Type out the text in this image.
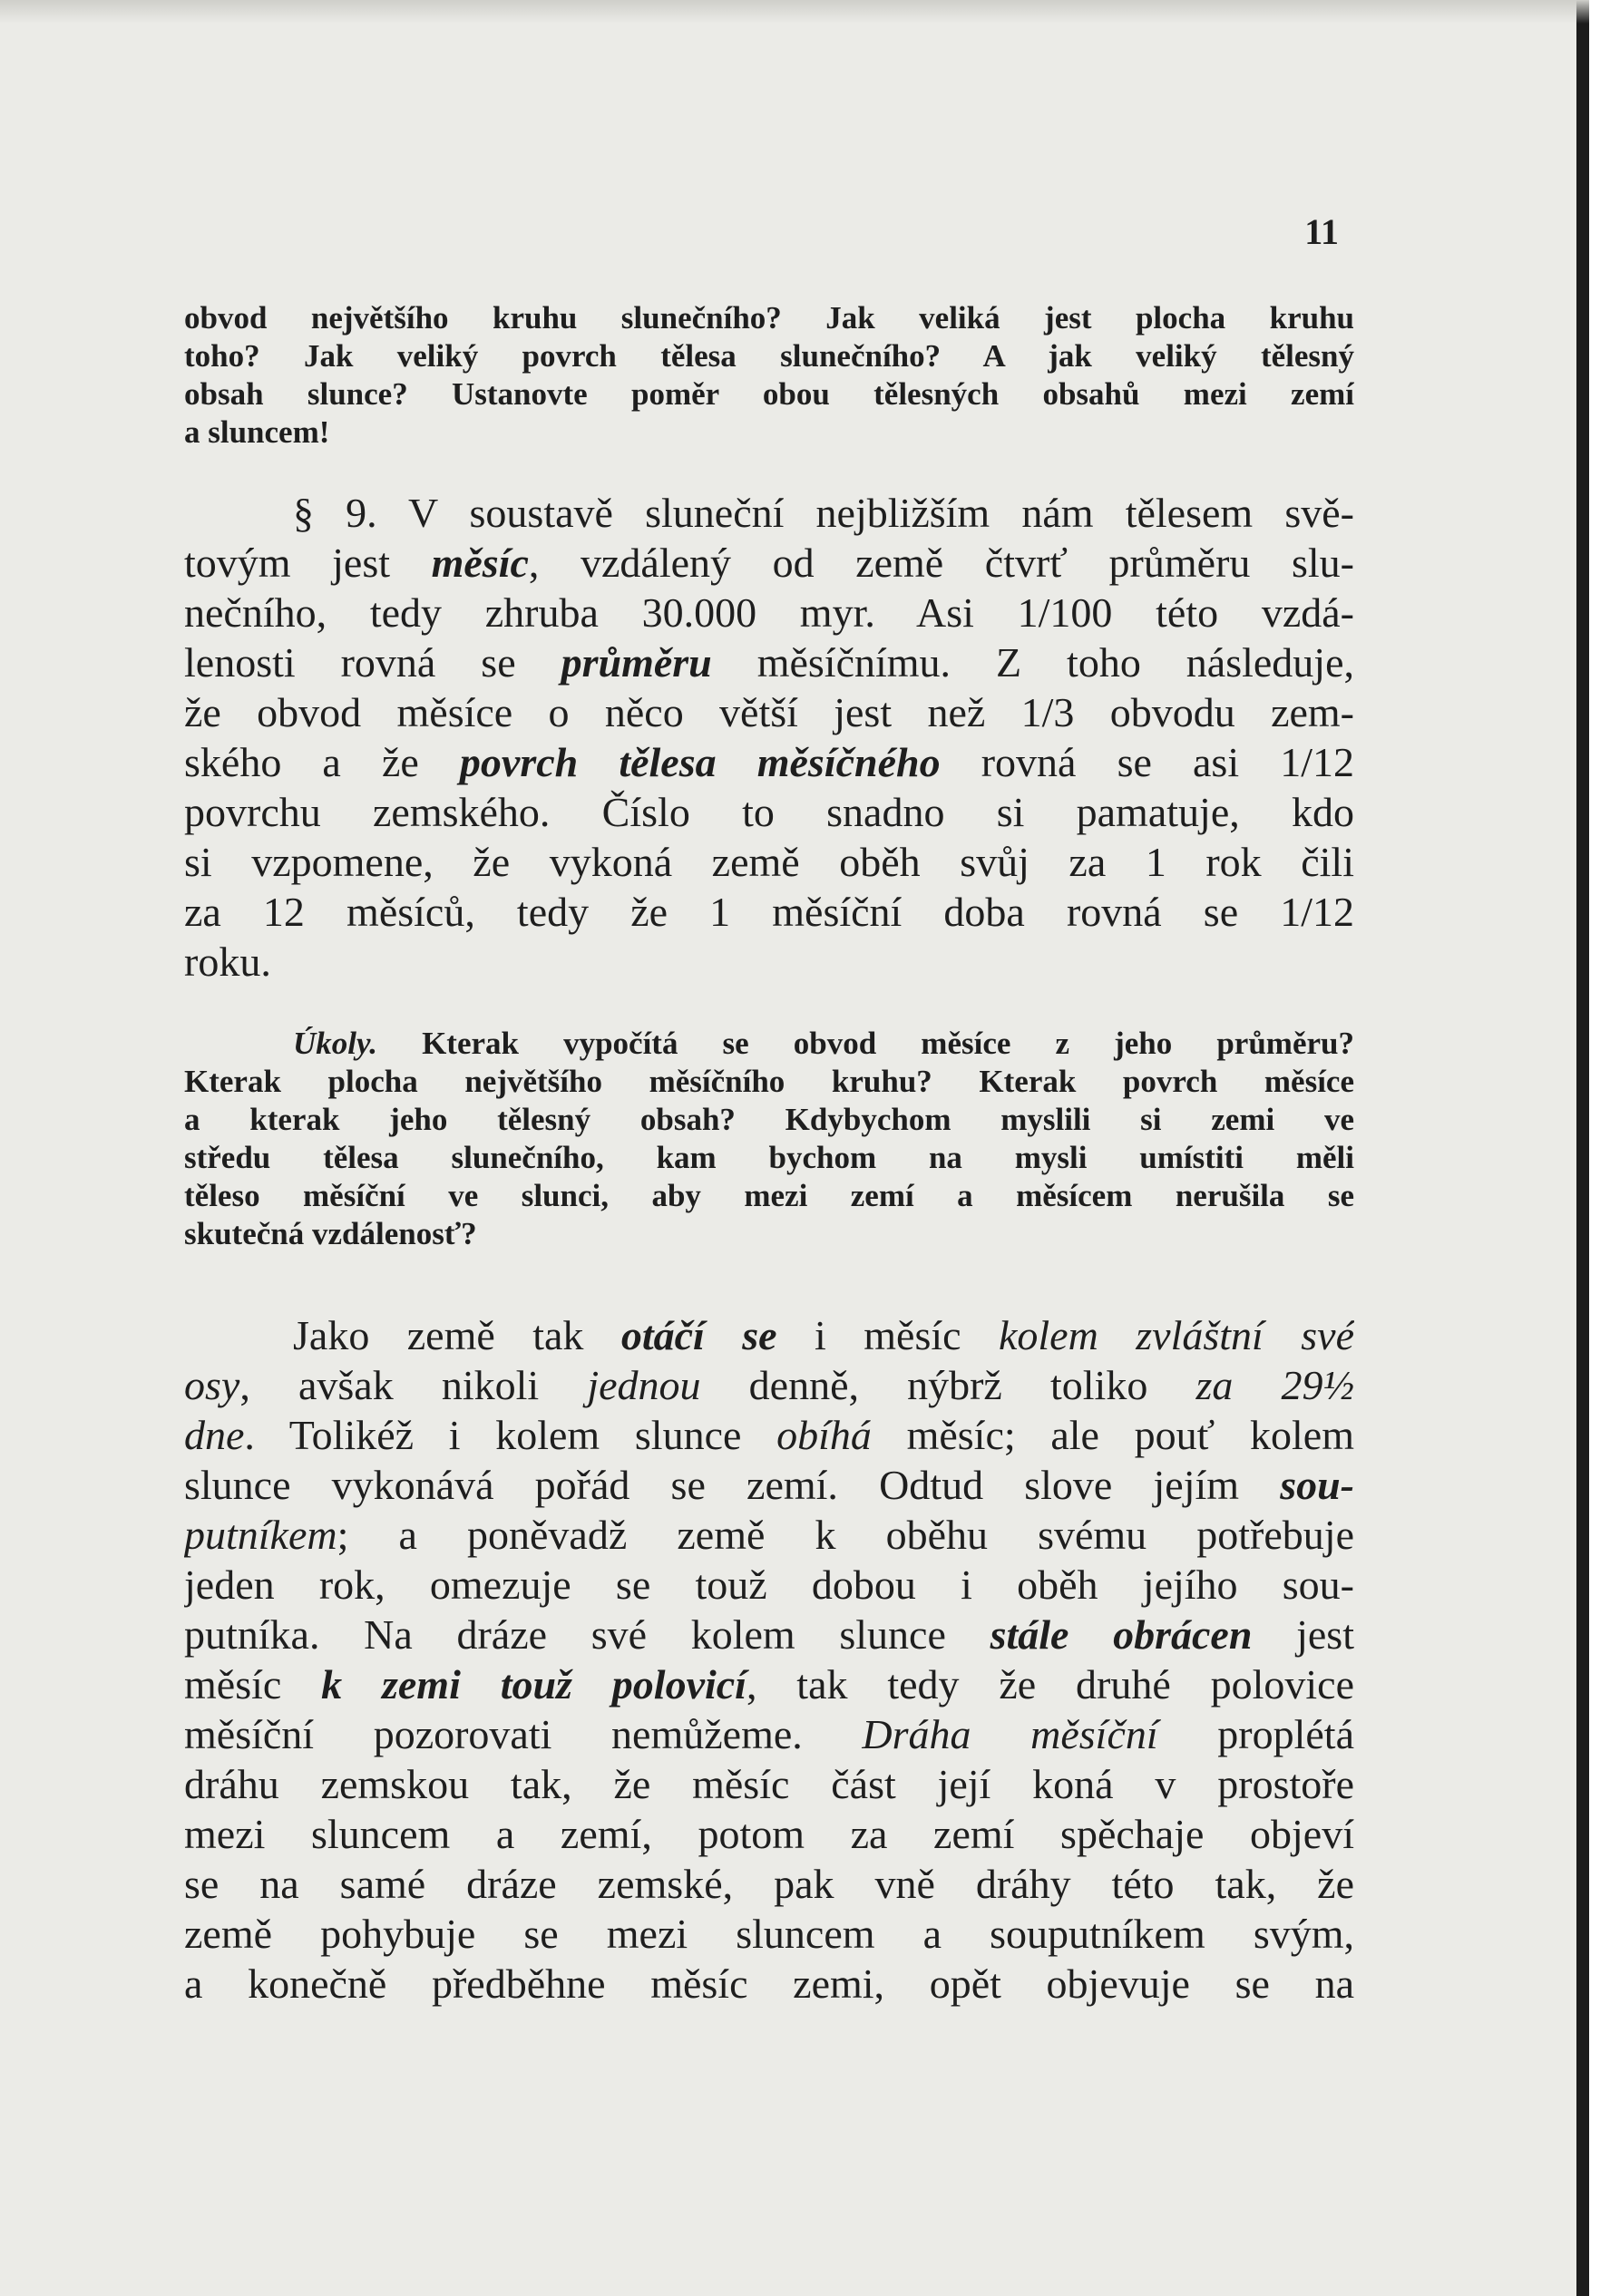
11
obvod největšího kruhu slunečního? Jak veliká jest plocha kruhu
toho? Jak veliký povrch tělesa slunečního? A jak veliký tělesný
obsah slunce? Ustanovte poměr obou tělesných obsahů mezi zemí
a sluncem!
§ 9. V soustavě sluneční nejbližším nám tělesem svě-
tovým jest měsíc, vzdálený od země čtvrť průměru slu-
nečního, tedy zhruba 30.000 myr. Asi 1/100 této vzdá-
lenosti rovná se průměru měsíčnímu. Z toho následuje,
že obvod měsíce o něco větší jest než 1/3 obvodu zem-
ského a že povrch tělesa měsíčného rovná se asi 1/12
povrchu zemského. Číslo to snadno si pamatuje, kdo
si vzpomene, že vykoná země oběh svůj za 1 rok čili
za 12 měsíců, tedy že 1 měsíční doba rovná se 1/12
roku.
Úkoly. Kterak vypočítá se obvod měsíce z jeho průměru?
Kterak plocha největšího měsíčního kruhu? Kterak povrch měsíce
a kterak jeho tělesný obsah? Kdybychom myslili si zemi ve
středu tělesa slunečního, kam bychom na mysli umístiti měli
těleso měsíční ve slunci, aby mezi zemí a měsícem nerušila se
skutečná vzdálenosť?
Jako země tak otáčí se i měsíc kolem zvláštní své
osy, avšak nikoli jednou denně, nýbrž toliko za 29½
dne. Tolikéž i kolem slunce obíhá měsíc; ale pouť kolem
slunce vykonává pořád se zemí. Odtud slove jejím sou-
putníkem; a poněvadž země k oběhu svému potřebuje
jeden rok, omezuje se touž dobou i oběh jejího sou-
putníka. Na dráze své kolem slunce stále obrácen jest
měsíc k zemi touž polovicí, tak tedy že druhé polovice
měsíční pozorovati nemůžeme. Dráha měsíční proplétá
dráhu zemskou tak, že měsíc část její koná v prostoře
mezi sluncem a zemí, potom za zemí spěchaje objeví
se na samé dráze zemské, pak vně dráhy této tak, že
země pohybuje se mezi sluncem a souputníkem svým,
a konečně předběhne měsíc zemi, opět objevuje se na
